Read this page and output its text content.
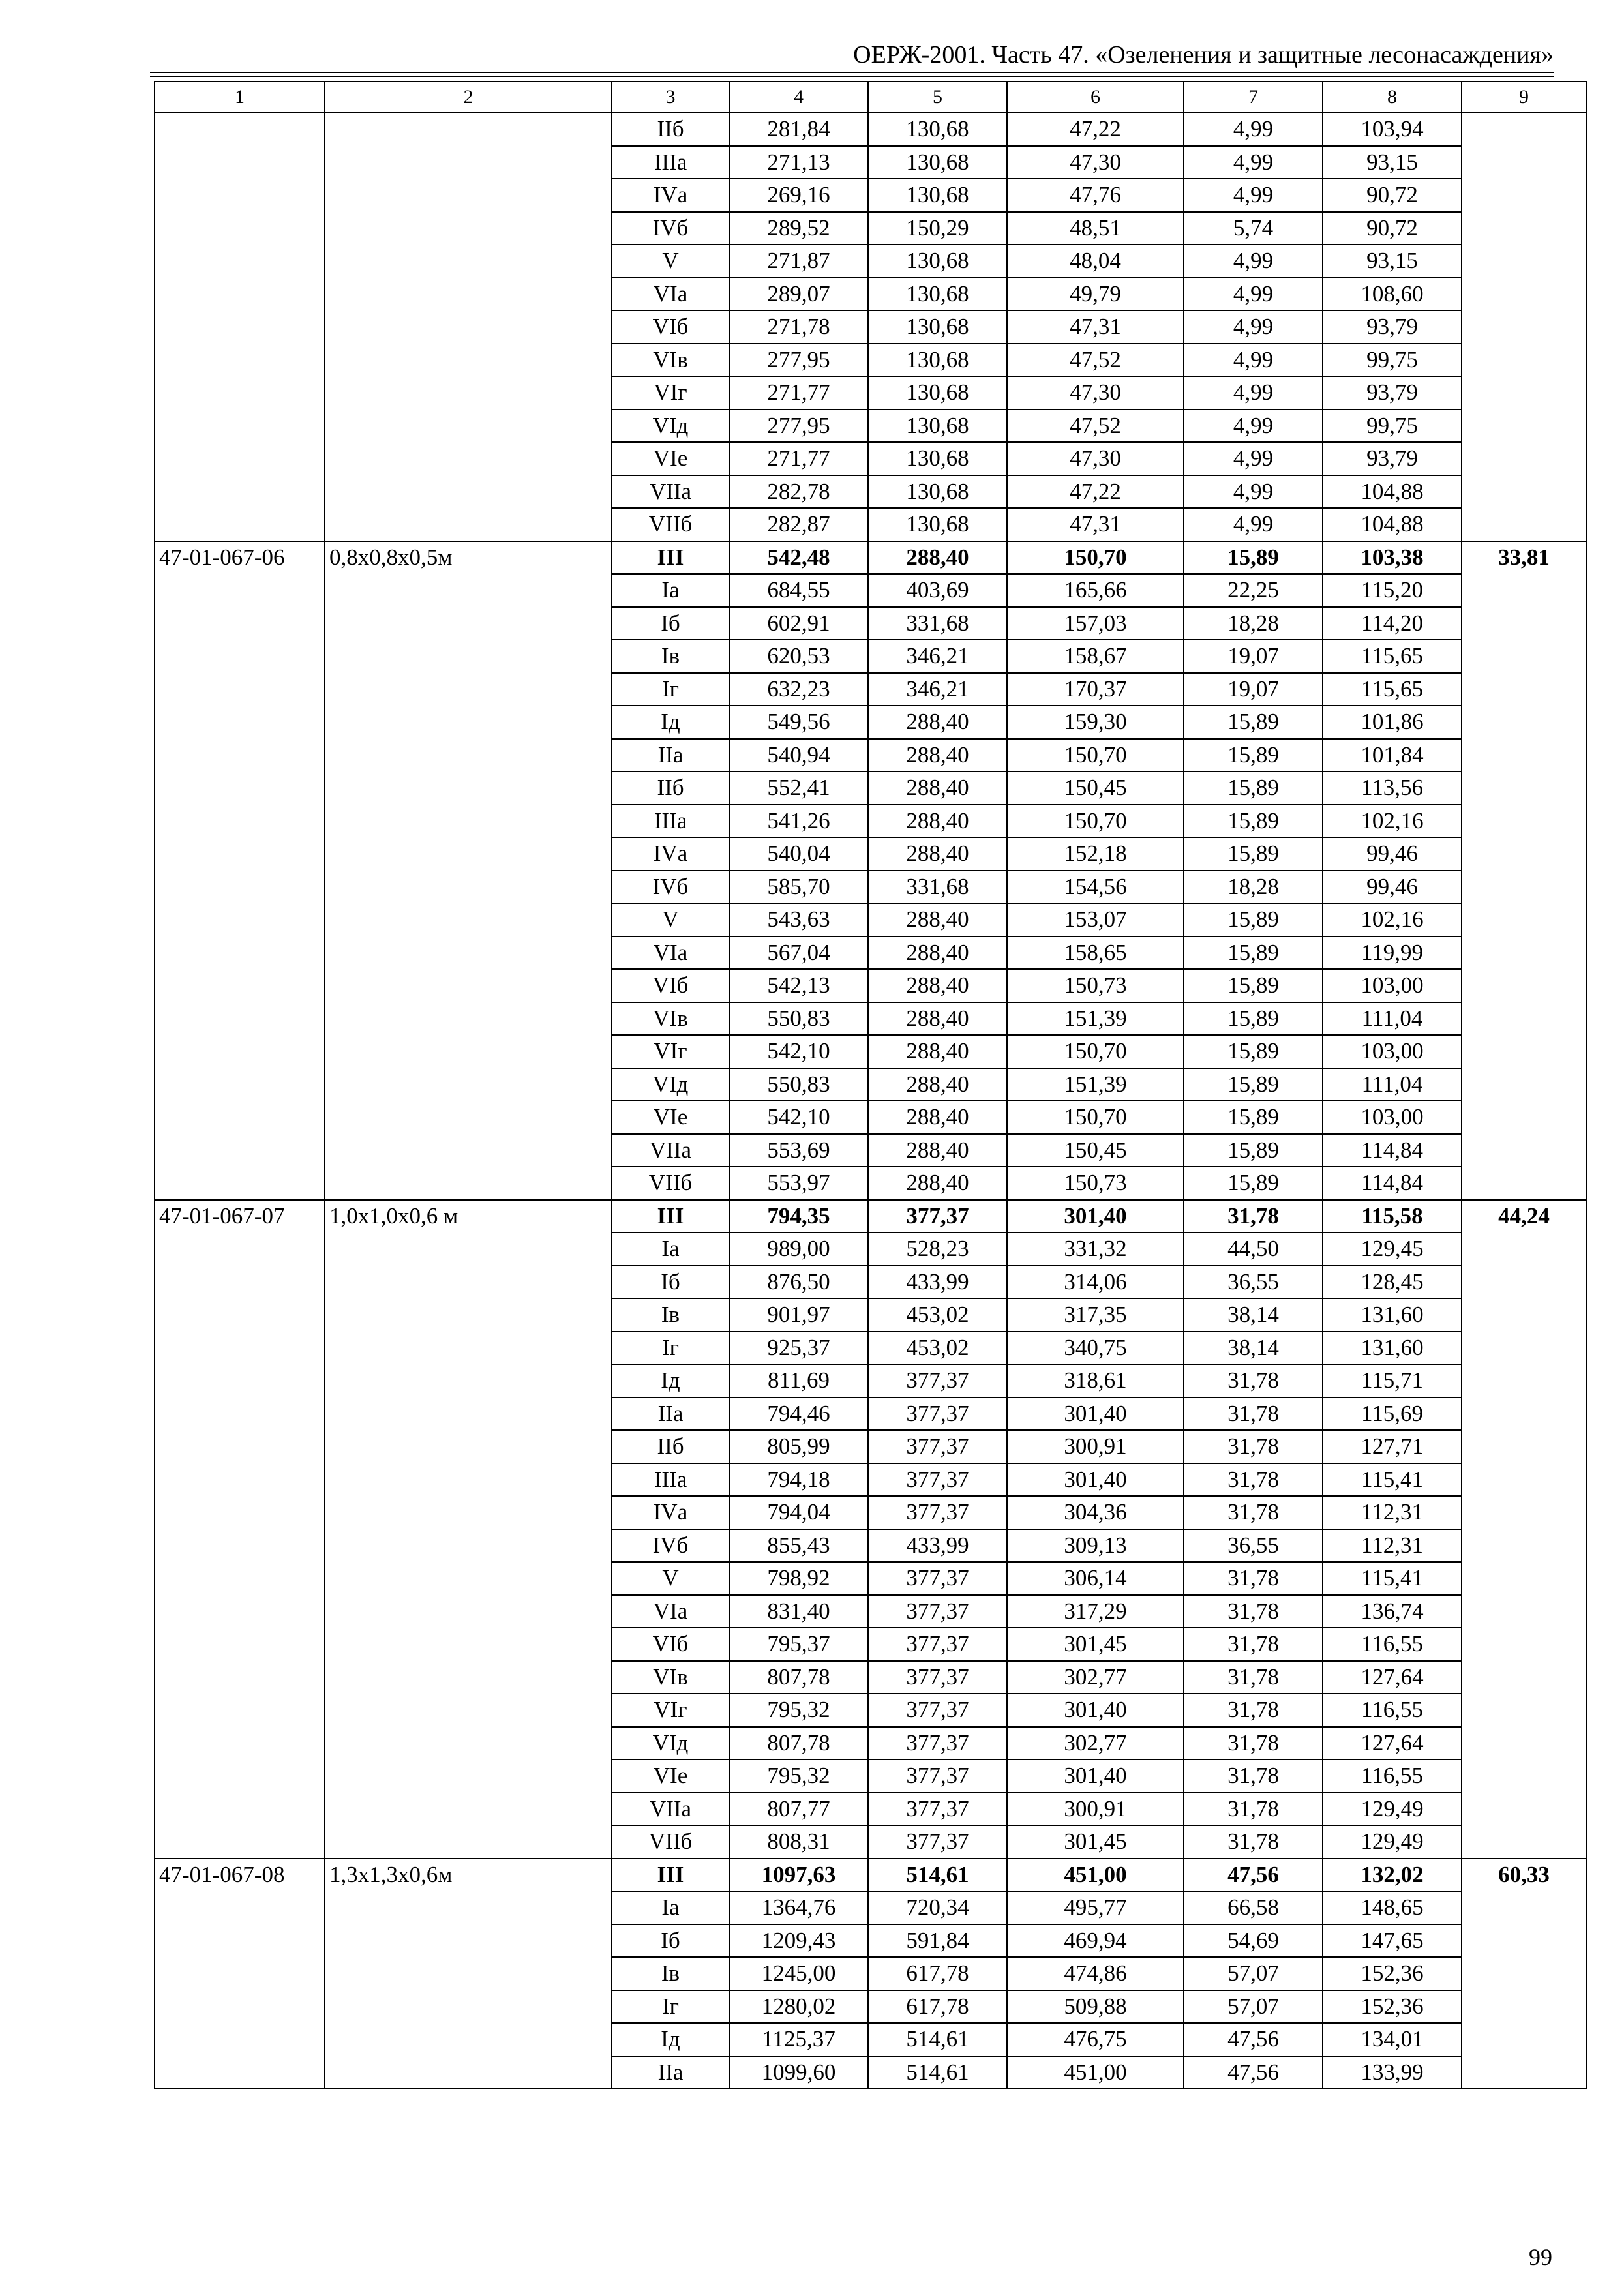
ОЕРЖ-2001. Часть 47. «Озеленения и защитные лесонасаждения»
1	2	3	4	5	6	7	8	9
		IIб	281,84	130,68	47,22	4,99	103,94	
		IIIа	271,13	130,68	47,30	4,99	93,15	
		IVа	269,16	130,68	47,76	4,99	90,72	
		IVб	289,52	150,29	48,51	5,74	90,72	
		V	271,87	130,68	48,04	4,99	93,15	
		VIа	289,07	130,68	49,79	4,99	108,60	
		VIб	271,78	130,68	47,31	4,99	93,79	
		VIв	277,95	130,68	47,52	4,99	99,75	
		VIг	271,77	130,68	47,30	4,99	93,79	
		VIд	277,95	130,68	47,52	4,99	99,75	
		VIе	271,77	130,68	47,30	4,99	93,79	
		VIIа	282,78	130,68	47,22	4,99	104,88	
		VIIб	282,87	130,68	47,31	4,99	104,88	
47-01-067-06	0,8х0,8х0,5м	III	542,48	288,40	150,70	15,89	103,38	33,81
		Iа	684,55	403,69	165,66	22,25	115,20	
		Iб	602,91	331,68	157,03	18,28	114,20	
		Iв	620,53	346,21	158,67	19,07	115,65	
		Iг	632,23	346,21	170,37	19,07	115,65	
		Iд	549,56	288,40	159,30	15,89	101,86	
		IIа	540,94	288,40	150,70	15,89	101,84	
		IIб	552,41	288,40	150,45	15,89	113,56	
		IIIа	541,26	288,40	150,70	15,89	102,16	
		IVа	540,04	288,40	152,18	15,89	99,46	
		IVб	585,70	331,68	154,56	18,28	99,46	
		V	543,63	288,40	153,07	15,89	102,16	
		VIа	567,04	288,40	158,65	15,89	119,99	
		VIб	542,13	288,40	150,73	15,89	103,00	
		VIв	550,83	288,40	151,39	15,89	111,04	
		VIг	542,10	288,40	150,70	15,89	103,00	
		VIд	550,83	288,40	151,39	15,89	111,04	
		VIе	542,10	288,40	150,70	15,89	103,00	
		VIIа	553,69	288,40	150,45	15,89	114,84	
		VIIб	553,97	288,40	150,73	15,89	114,84	
47-01-067-07	1,0х1,0х0,6 м	III	794,35	377,37	301,40	31,78	115,58	44,24
		Iа	989,00	528,23	331,32	44,50	129,45	
		Iб	876,50	433,99	314,06	36,55	128,45	
		Iв	901,97	453,02	317,35	38,14	131,60	
		Iг	925,37	453,02	340,75	38,14	131,60	
		Iд	811,69	377,37	318,61	31,78	115,71	
		IIа	794,46	377,37	301,40	31,78	115,69	
		IIб	805,99	377,37	300,91	31,78	127,71	
		IIIа	794,18	377,37	301,40	31,78	115,41	
		IVа	794,04	377,37	304,36	31,78	112,31	
		IVб	855,43	433,99	309,13	36,55	112,31	
		V	798,92	377,37	306,14	31,78	115,41	
		VIа	831,40	377,37	317,29	31,78	136,74	
		VIб	795,37	377,37	301,45	31,78	116,55	
		VIв	807,78	377,37	302,77	31,78	127,64	
		VIг	795,32	377,37	301,40	31,78	116,55	
		VIд	807,78	377,37	302,77	31,78	127,64	
		VIе	795,32	377,37	301,40	31,78	116,55	
		VIIа	807,77	377,37	300,91	31,78	129,49	
		VIIб	808,31	377,37	301,45	31,78	129,49	
47-01-067-08	1,3х1,3х0,6м	III	1097,63	514,61	451,00	47,56	132,02	60,33
		Iа	1364,76	720,34	495,77	66,58	148,65	
		Iб	1209,43	591,84	469,94	54,69	147,65	
		Iв	1245,00	617,78	474,86	57,07	152,36	
		Iг	1280,02	617,78	509,88	57,07	152,36	
		Iд	1125,37	514,61	476,75	47,56	134,01	
		IIа	1099,60	514,61	451,00	47,56	133,99	
99
